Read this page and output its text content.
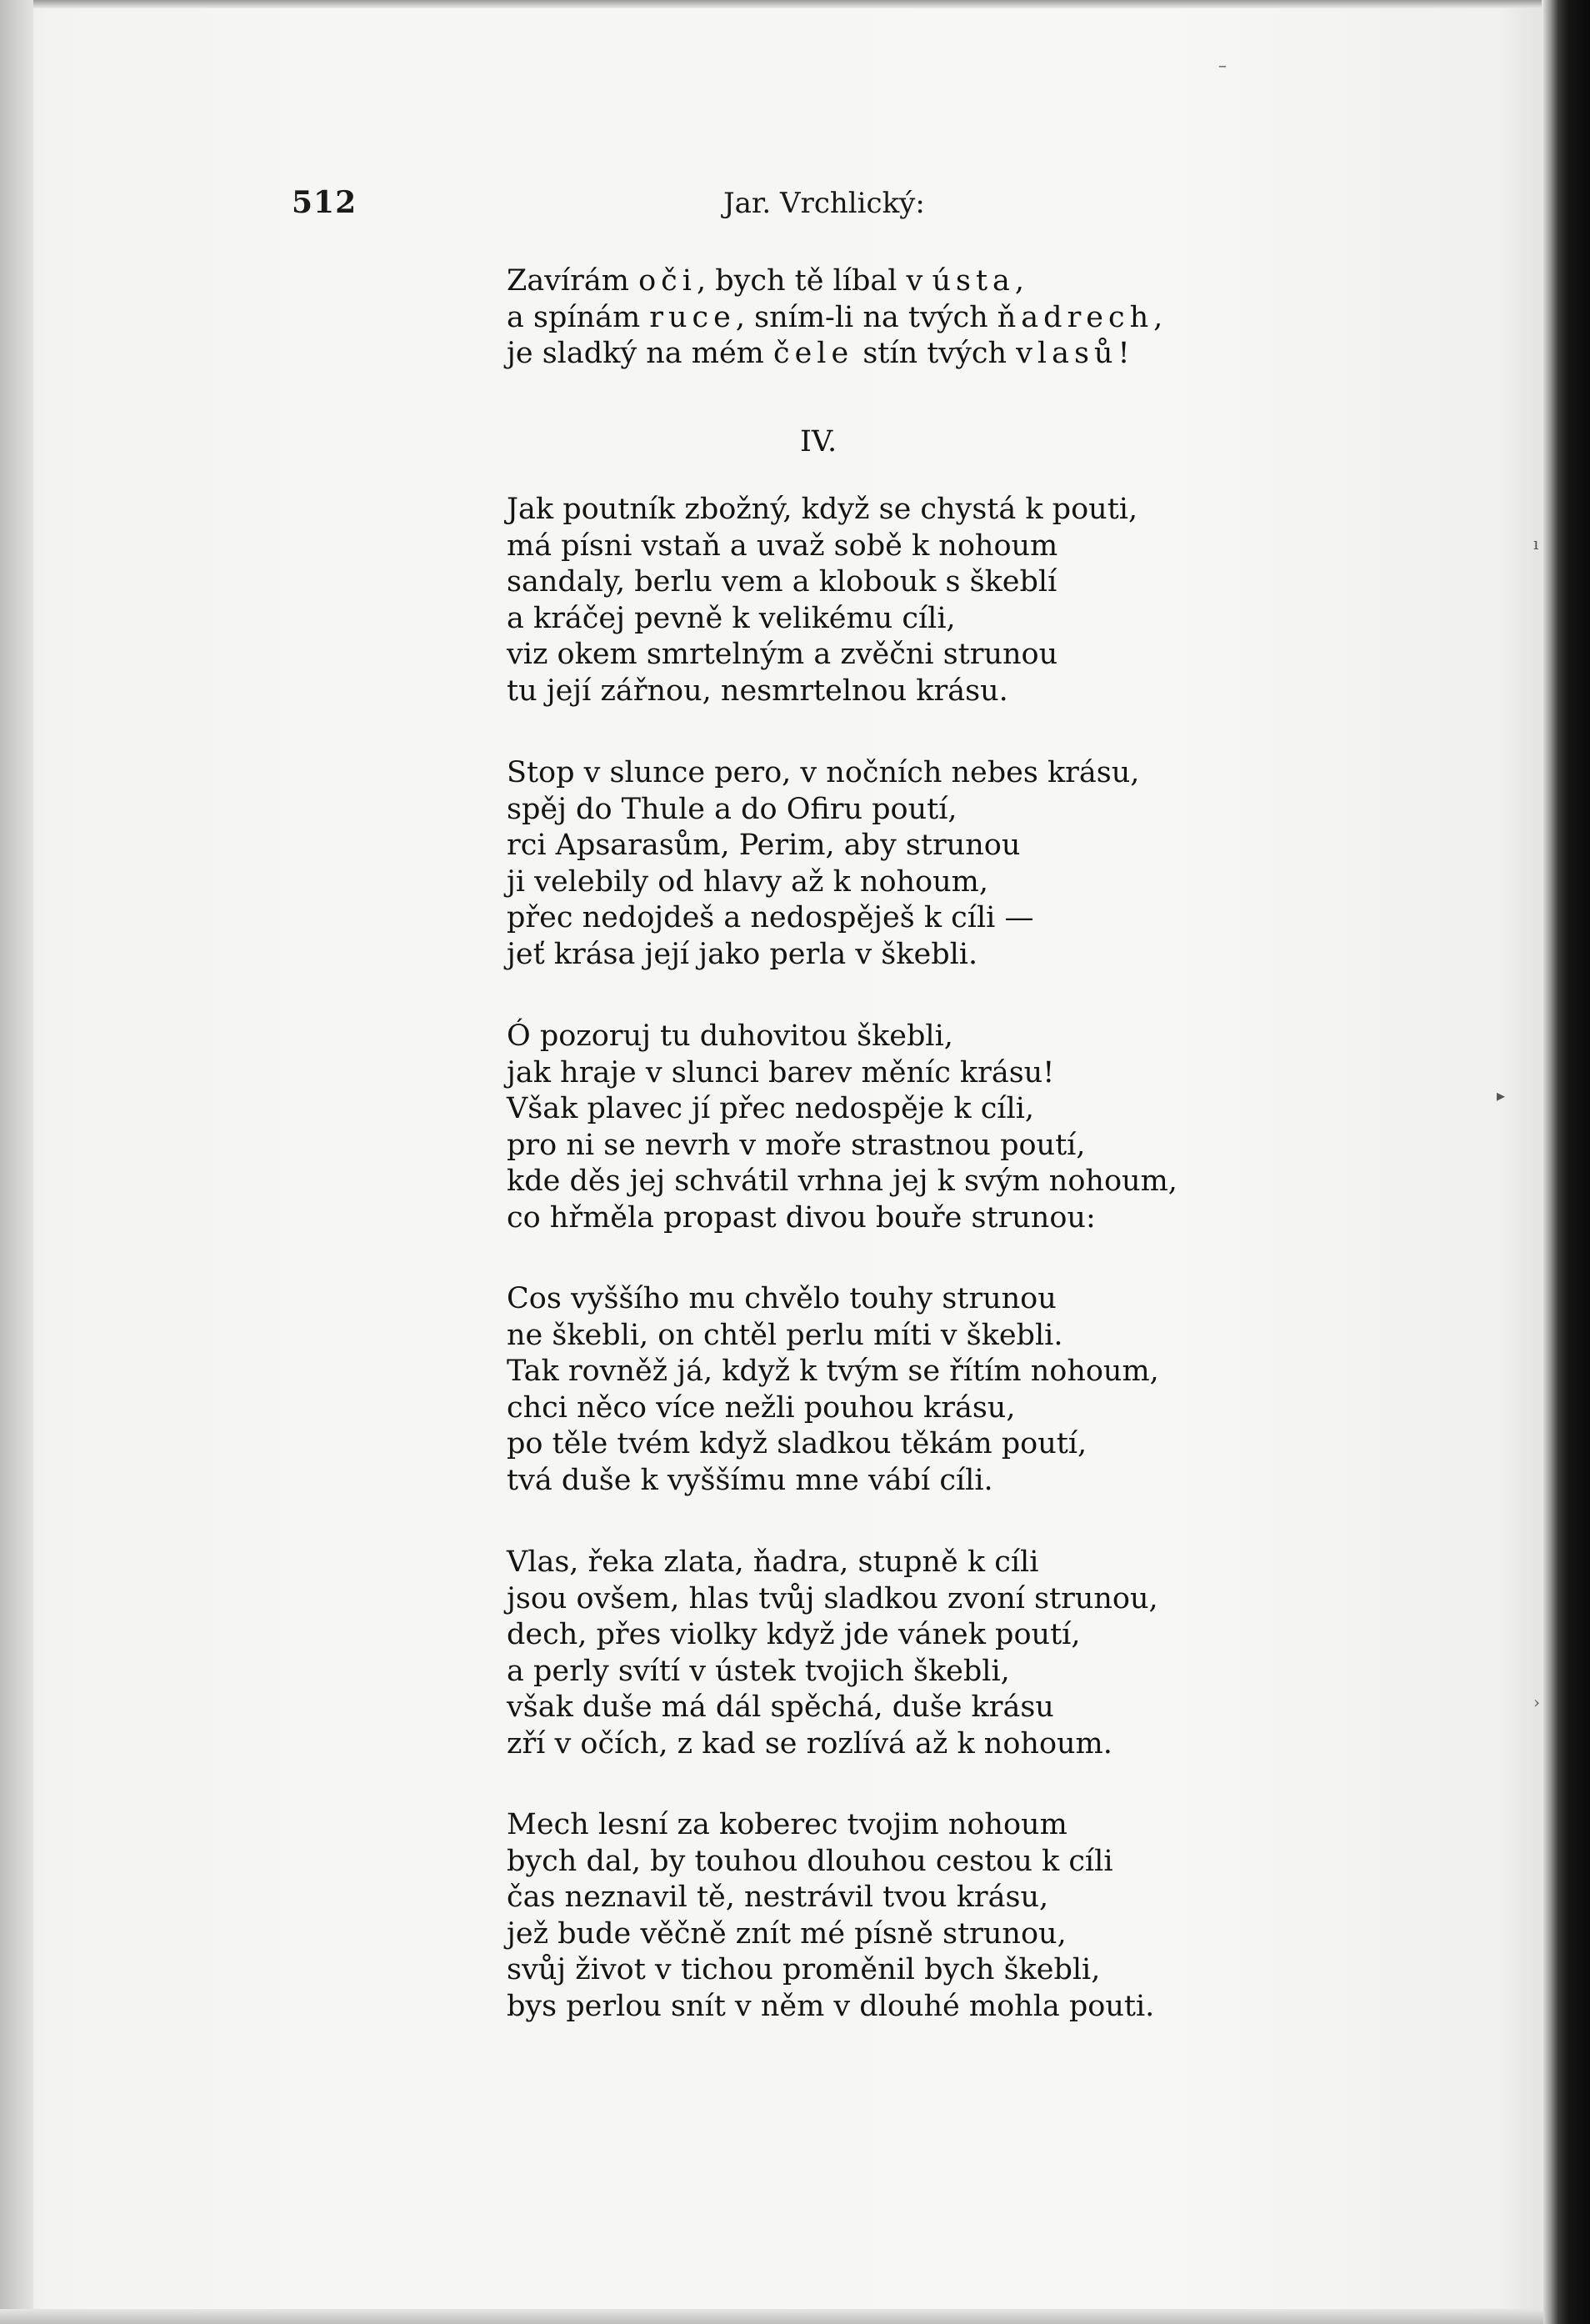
–
ı
▸
›
512	Jar. Vrchlický:
Zavírám oči, bych tě líbal v ústa,
a spínám ruce, sním-li na tvých ňadrech,
je sladký na mém čele stín tvých vlasů!
IV.
Jak poutník zbožný, když se chystá k pouti,
má písni vstaň a uvaž sobě k nohoum
sandaly, berlu vem a klobouk s škeblí
a kráčej pevně k velikému cíli,
viz okem smrtelným a zvěčni strunou
tu její zářnou, nesmrtelnou krásu.
Stop v slunce pero, v nočních nebes krásu,
spěj do Thule a do Ofiru poutí,
rci Apsarasům, Perim, aby strunou
ji velebily od hlavy až k nohoum,
přec nedojdeš a nedospěješ k cíli —
jeť krása její jako perla v škebli.
Ó pozoruj tu duhovitou škebli,
jak hraje v slunci barev měníc krásu!
Však plavec jí přec nedospěje k cíli,
pro ni se nevrh v moře strastnou poutí,
kde děs jej schvátil vrhna jej k svým nohoum,
co hřměla propast divou bouře strunou:
Cos vyššího mu chvělo touhy strunou
ne škebli, on chtěl perlu míti v škebli.
Tak rovněž já, když k tvým se řítím nohoum,
chci něco více nežli pouhou krásu,
po těle tvém když sladkou těkám poutí,
tvá duše k vyššímu mne vábí cíli.
Vlas, řeka zlata, ňadra, stupně k cíli
jsou ovšem, hlas tvůj sladkou zvoní strunou,
dech, přes violky když jde vánek poutí,
a perly svítí v ústek tvojich škebli,
však duše má dál spěchá, duše krásu
zří v očích, z kad se rozlívá až k nohoum.
Mech lesní za koberec tvojim nohoum
bych dal, by touhou dlouhou cestou k cíli
čas neznavil tě, nestrávil tvou krásu,
jež bude věčně znít mé písně strunou,
svůj život v tichou proměnil bych škebli,
bys perlou snít v něm v dlouhé mohla pouti.
